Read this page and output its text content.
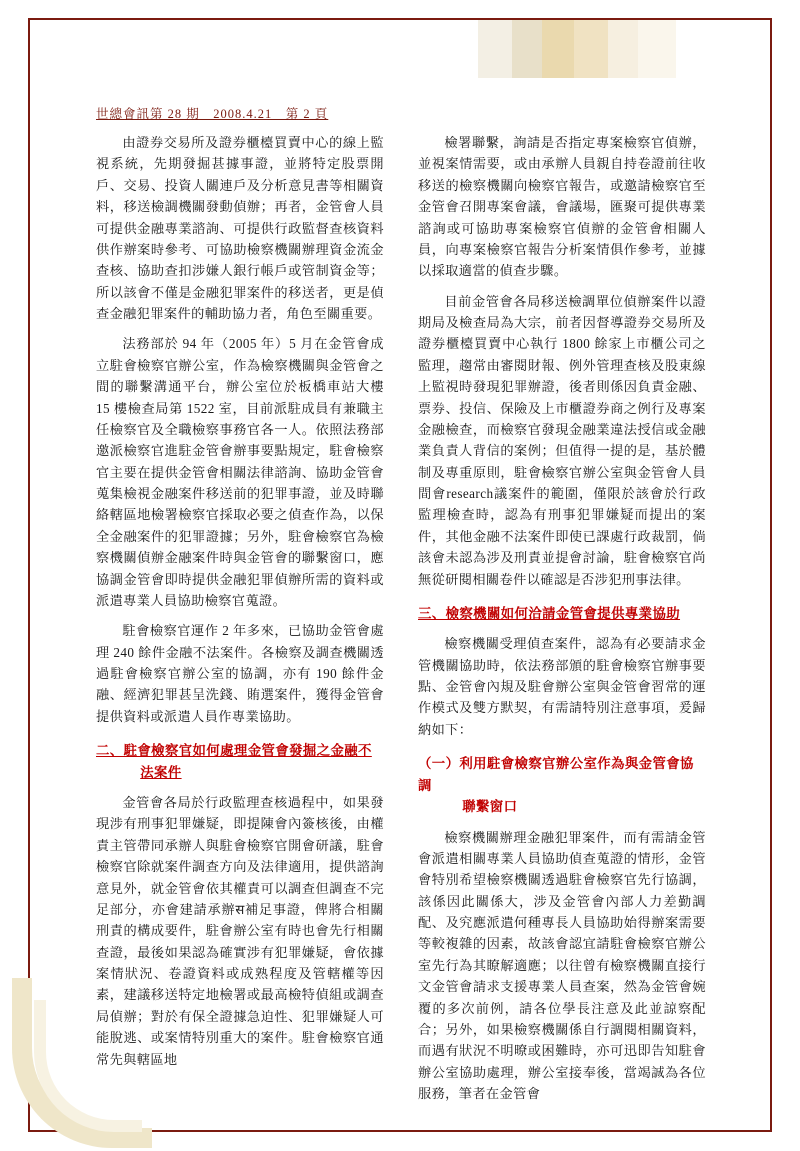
世總會訊第 28 期　2008.4.21　第 2 頁

由證券交易所及證券櫃檯買賣中心的線上監視系統，先期發掘甚據事證，並將特定股票開戶、交易、投資人關連戶及分析意見書等相關資料，移送檢調機關發動偵辦；再者，金管會人員可提供金融專業諮詢、可提供行政監督查核資料供作辦案時參考、可協助檢察機關辦理資金流金查核、協助查扣涉嫌人銀行帳戶或管制資金等；所以該會不僅是金融犯罪案件的移送者，更是偵查金融犯罪案件的輔助協力者，角色至關重要。

法務部於 94 年（2005 年）5 月在金管會成立駐會檢察官辦公室，作為檢察機關與金管會之間的聯繫溝通平台，辦公室位於板橋車站大樓 15 樓檢查局第 1522 室，目前派駐成員有兼職主任檢察官及全職檢察事務官各一人。依照法務部邀派檢察官進駐金管會辦事要點規定，駐會檢察官主要在提供金管會相關法律諮詢、協助金管會蒐集檢視金融案件移送前的犯罪事證，並及時聯絡轄區地檢署檢察官採取必要之偵查作為，以保全金融案件的犯罪證據；另外，駐會檢察官為檢察機關偵辦金融案件時與金管會的聯繫窗口，應協調金管會即時提供金融犯罪偵辦所需的資料或派遣專業人員協助檢察官蒐證。

駐會檢察官運作 2 年多來，已協助金管會處理 240 餘件金融不法案件。各檢察及調查機關透過駐會檢察官辦公室的協調，亦有 190 餘件金融、經濟犯罪甚呈洗錢、賄選案件，獲得金管會提供資料或派遣人員作專業協助。

二、駐會檢察官如何處理金管會發掘之金融不
法案件

金管會各局於行政監理查核過程中，如果發現涉有刑事犯罪嫌疑，即提陳會內簽核後，由權責主管帶同承辦人與駐會檢察官開會研議，駐會檢察官除就案件調查方向及法律適用，提供諮詢意見外，就金管會依其權責可以調查但調查不完足部分，亦會建請承辦स補足事證，俾將合相關刑責的構成要件，駐會辦公室有時也會先行相關查證，最後如果認為確實涉有犯罪嫌疑，會依據案情狀況、卷證資料或成熟程度及管轄權等因素，建議移送特定地檢署或最高檢特偵組或調查局偵辦；對於有保全證據急迫性、犯罪嫌疑人可能脫逃、或案情特別重大的案件。駐會檢察官通常先與轄區地

檢署聯繫，詢請是否指定專案檢察官偵辦，並視案情需要，或由承辦人員親自持卷證前往收移送的檢察機關向檢察官報告，或邀請檢察官至金管會召開專案會議，會議場，匯聚可提供專業諮詢或可協助專案檢察官偵辦的金管會相關人員，向專案檢察官報告分析案情俱作參考，並據以採取適當的偵查步驟。

目前金管會各局移送檢調單位偵辦案件以證期局及檢查局為大宗，前者因督導證券交易所及證券櫃檯買賣中心執行 1800 餘家上市櫃公司之監理，趨常由審閱財報、例外管理查核及股東線上監視時發現犯罪辦證，後者則係因負責金融、票券、投信、保險及上市櫃證券商之例行及專案金融檢查，而檢察官發現金融業違法授信或金融業負責人背信的案例；但值得一提的是，基於體制及專重原則，駐會檢察官辦公室與金管會人員間會research議案件的範圍，僅限於該會於行政監理檢查時，認為有刑事犯罪嫌疑而提出的案件，其他金融不法案件即使已課處行政裁罰，倘該會未認為涉及刑責並提會討論，駐會檢察官尚無從研閱相關卷件以確認是否涉犯刑事法律。

三、檢察機關如何洽請金管會提供專業協助

檢察機關受理偵查案件，認為有必要請求金管機關協助時，依法務部頒的駐會檢察官辦事要點、金管會內規及駐會辦公室與金管會習常的運作模式及雙方默契，有需請特別注意事項，爰歸納如下：

（一）利用駐會檢察官辦公室作為與金管會協調
聯繫窗口

檢察機關辦理金融犯罪案件，而有需請金管會派遣相關專業人員協助偵查蒐證的情形，金管會特別希望檢察機關透過駐會檢察官先行協調，該係因此關係大，涉及金管會內部人力差勤調配、及究應派遣何種專長人員協助始得辦案需要等較複雜的因素，故該會認宜請駐會檢察官辦公室先行為其瞭解適應；以往曾有檢察機關直接行文金管會請求支援專業人員查案，然為金管會婉覆的多次前例，請各位學長注意及此並諒察配合；另外，如果檢察機關係自行調閱相關資料，而遇有狀況不明暸或困難時，亦可迅即告知駐會辦公室協助處理，辦公室接奉後，當竭誠為各位服務，筆者在金管會
